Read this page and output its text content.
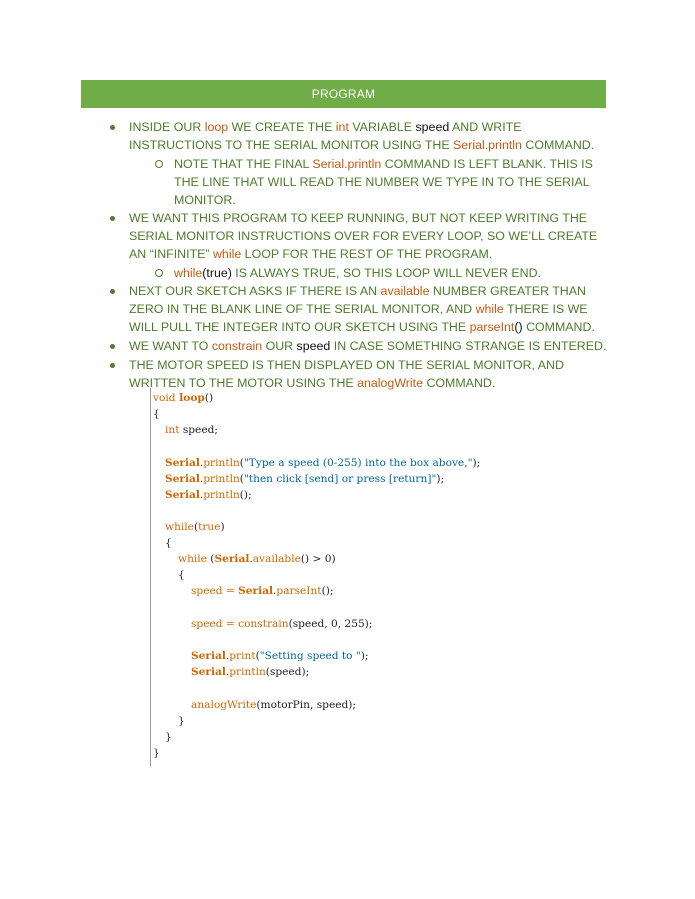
PROGRAM
INSIDE OUR loop WE CREATE THE int VARIABLE speed AND WRITE INSTRUCTIONS TO THE SERIAL MONITOR USING THE Serial.println COMMAND.
NOTE THAT THE FINAL Serial.println COMMAND IS LEFT BLANK. THIS IS THE LINE THAT WILL READ THE NUMBER WE TYPE IN TO THE SERIAL MONITOR.
WE WANT THIS PROGRAM TO KEEP RUNNING, BUT NOT KEEP WRITING THE SERIAL MONITOR INSTRUCTIONS OVER FOR EVERY LOOP, SO WE’LL CREATE AN “INFINITE” while LOOP FOR THE REST OF THE PROGRAM.
while(true) IS ALWAYS TRUE, SO THIS LOOP WILL NEVER END.
NEXT OUR SKETCH ASKS IF THERE IS AN available NUMBER GREATER THAN ZERO IN THE BLANK LINE OF THE SERIAL MONITOR, AND while THERE IS WE WILL PULL THE INTEGER INTO OUR SKETCH USING THE parseInt() COMMAND.
WE WANT TO constrain OUR speed IN CASE SOMETHING STRANGE IS ENTERED.
THE MOTOR SPEED IS THEN DISPLAYED ON THE SERIAL MONITOR, AND WRITTEN TO THE MOTOR USING THE analogWrite COMMAND.
void loop()
{
int speed;
Serial.println("Type a speed (0-255) into the box above,");
Serial.println("then click [send] or press [return]");
Serial.println();
while(true)
{
while (Serial.available() > 0)
{
speed = Serial.parseInt();
speed = constrain(speed, 0, 255);
Serial.print("Setting speed to ");
Serial.println(speed);
analogWrite(motorPin, speed);
}
}
}
